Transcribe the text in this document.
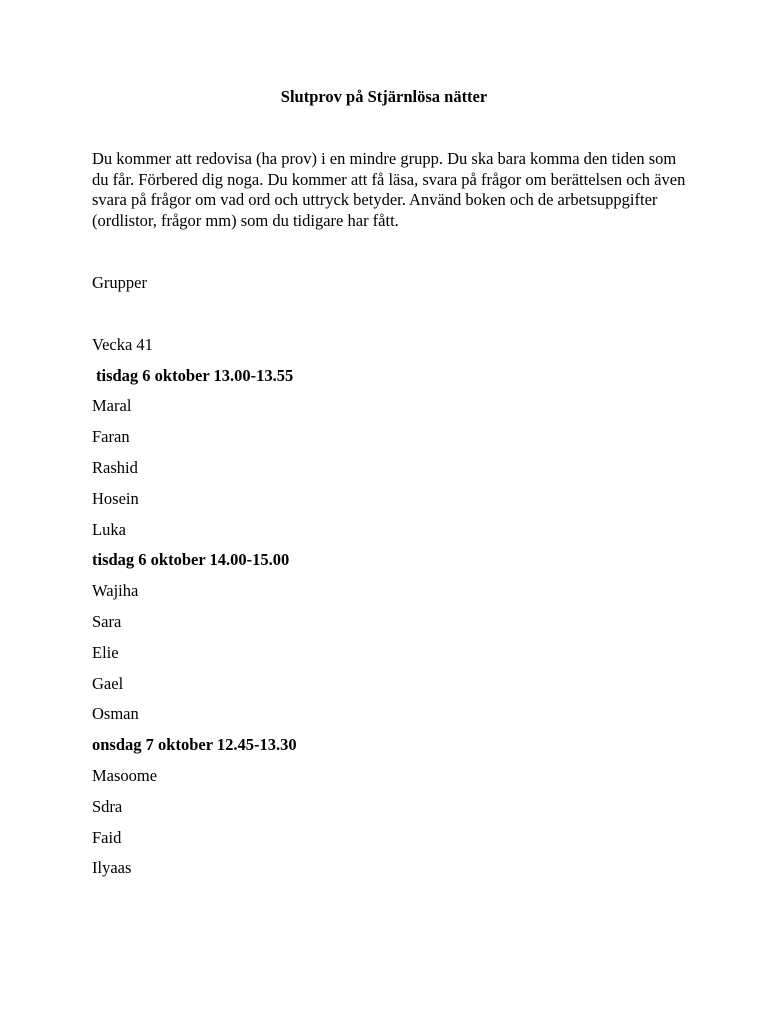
Slutprov på Stjärnlösa nätter

Du kommer att redovisa (ha prov) i en mindre grupp. Du ska bara komma den tiden som du får. Förbered dig noga. Du kommer att få läsa, svara på frågor om berättelsen och även svara på frågor om vad ord och uttryck betyder. Använd boken och de arbetsuppgifter (ordlistor, frågor mm) som du tidigare har fått.

Grupper

Vecka 41

tisdag 6 oktober 13.00-13.55

Maral

Faran

Rashid

Hosein

Luka

tisdag 6 oktober 14.00-15.00

Wajiha

Sara

Elie

Gael

Osman

onsdag 7 oktober 12.45-13.30

Masoome

Sdra

Faid

Ilyaas
